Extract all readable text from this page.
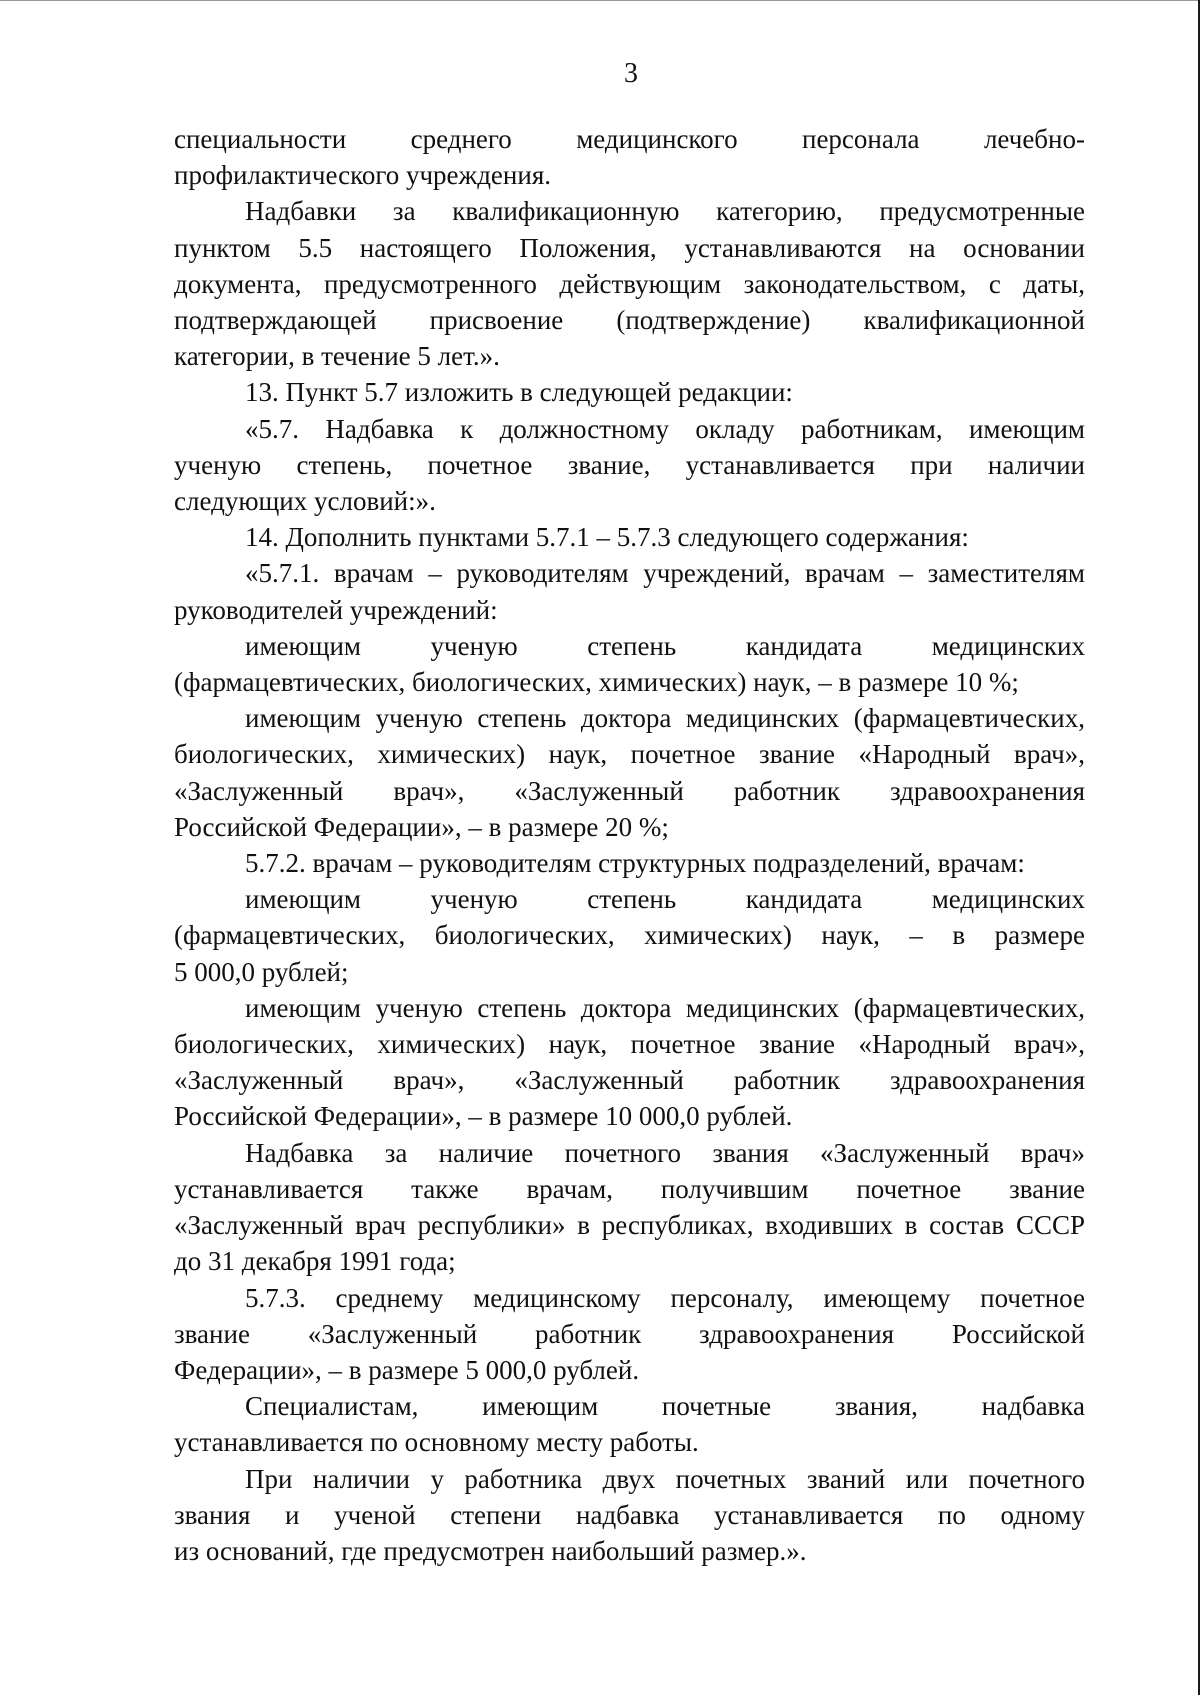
3

специальности среднего медицинского персонала лечебно-
профилактического учреждения.

Надбавки за квалификационную категорию, предусмотренные
пунктом 5.5 настоящего Положения, устанавливаются на основании
документа, предусмотренного действующим законодательством, с даты,
подтверждающей присвоение (подтверждение) квалификационной
категории, в течение 5 лет.».

13. Пункт 5.7 изложить в следующей редакции:

«5.7. Надбавка к должностному окладу работникам, имеющим
ученую степень, почетное звание, устанавливается при наличии
следующих условий:».

14. Дополнить пунктами 5.7.1 – 5.7.3 следующего содержания:

«5.7.1. врачам – руководителям учреждений, врачам – заместителям
руководителей учреждений:

имеющим ученую степень кандидата медицинских
(фармацевтических, биологических, химических) наук, – в размере 10 %;

имеющим ученую степень доктора медицинских (фармацевтических,
биологических, химических) наук, почетное звание «Народный врач»,
«Заслуженный врач», «Заслуженный работник здравоохранения
Российской Федерации», – в размере 20 %;

5.7.2. врачам – руководителям структурных подразделений, врачам:

имеющим ученую степень кандидата медицинских
(фармацевтических, биологических, химических) наук, – в размере
5 000,0 рублей;

имеющим ученую степень доктора медицинских (фармацевтических,
биологических, химических) наук, почетное звание «Народный врач»,
«Заслуженный врач», «Заслуженный работник здравоохранения
Российской Федерации», – в размере 10 000,0 рублей.

Надбавка за наличие почетного звания «Заслуженный врач»
устанавливается также врачам, получившим почетное звание
«Заслуженный врач республики» в республиках, входивших в состав СССР
до 31 декабря 1991 года;

5.7.3. среднему медицинскому персоналу, имеющему почетное
звание «Заслуженный работник здравоохранения Российской
Федерации», – в размере 5 000,0 рублей.

Специалистам, имеющим почетные звания, надбавка
устанавливается по основному месту работы.

При наличии у работника двух почетных званий или почетного
звания и ученой степени надбавка устанавливается по одному
из оснований, где предусмотрен наибольший размер.».
